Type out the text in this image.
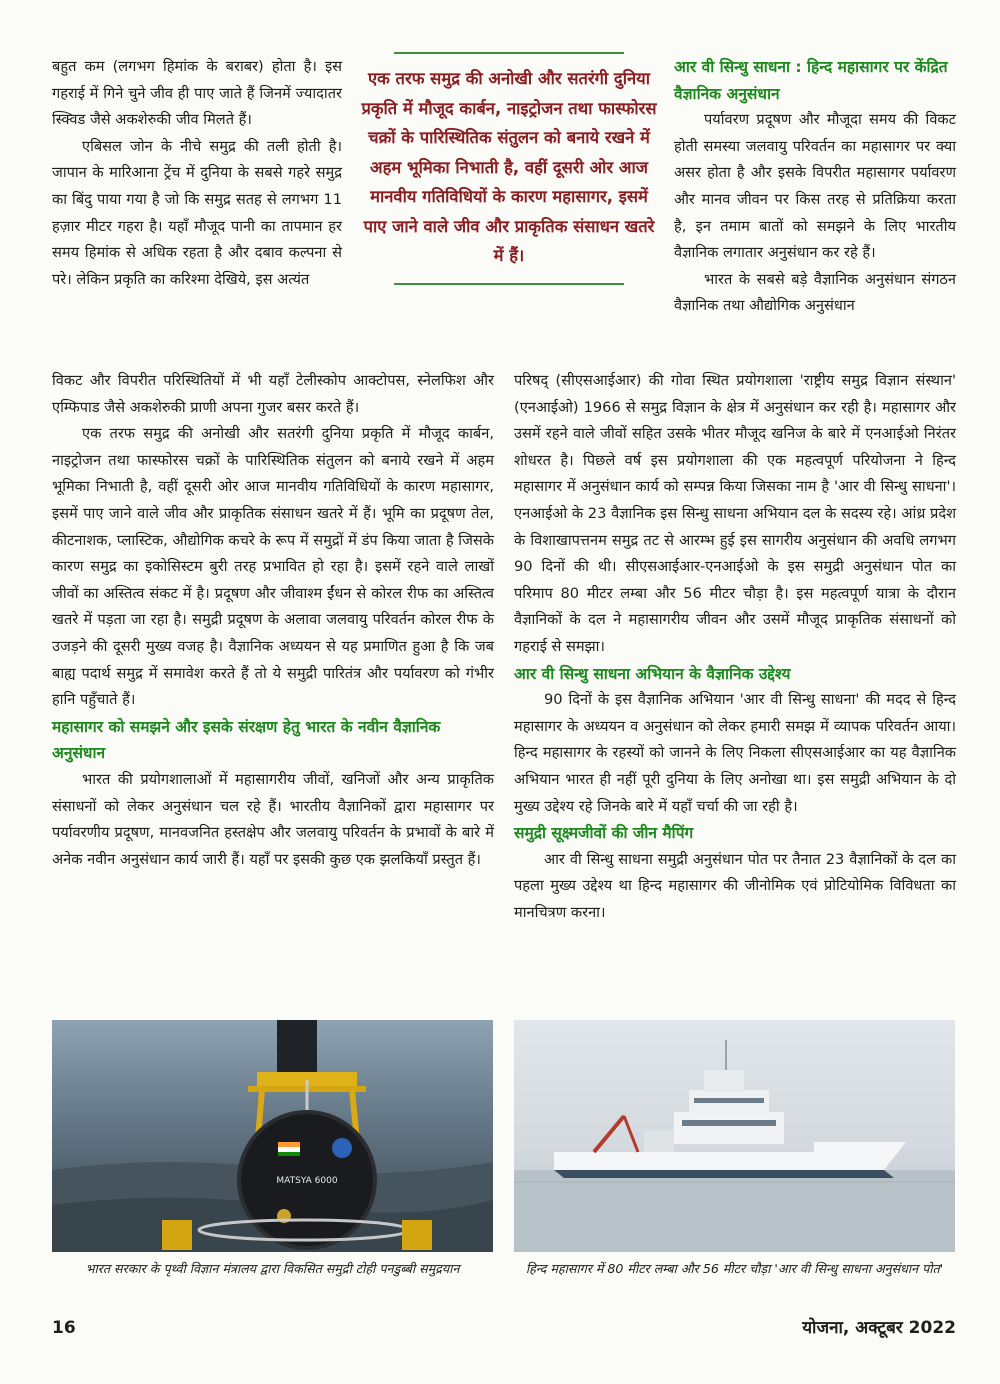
बहुत कम (लगभग हिमांक के बराबर) होता है। इस गहराई में गिने चुने जीव ही पाए जाते हैं जिनमें ज्यादातर स्क्विड जैसे अकशेरुकी जीव मिलते हैं।

एबिसल जोन के नीचे समुद्र की तली होती है। जापान के मारिआना ट्रेंच में दुनिया के सबसे गहरे समुद्र का बिंदु पाया गया है जो कि समुद्र सतह से लगभग 11 हज़ार मीटर गहरा है। यहाँ मौजूद पानी का तापमान हर समय हिमांक से अधिक रहता है और दबाव कल्पना से परे। लेकिन प्रकृति का करिश्मा देखिये, इस अत्यंत

एक तरफ समुद्र की अनोखी और सतरंगी दुनिया प्रकृति में मौजूद कार्बन, नाइट्रोजन तथा फास्फोरस चक्रों के पारिस्थितिक संतुलन को बनाये रखने में अहम भूमिका निभाती है, वहीं दूसरी ओर आज मानवीय गतिविधियों के कारण महासागर, इसमें पाए जाने वाले जीव और प्राकृतिक संसाधन खतरे में हैं।
आर वी सिन्धु साधना : हिन्द महासागर पर केंद्रित वैज्ञानिक अनुसंधान

पर्यावरण प्रदूषण और मौजूदा समय की विकट होती समस्या जलवायु परिवर्तन का महासागर पर क्या असर होता है और इसके विपरीत महासागर पर्यावरण और मानव जीवन पर किस तरह से प्रतिक्रिया करता है, इन तमाम बातों को समझने के लिए भारतीय वैज्ञानिक लगातार अनुसंधान कर रहे हैं।

भारत के सबसे बड़े वैज्ञानिक अनुसंधान संगठन वैज्ञानिक तथा औद्योगिक अनुसंधान

विकट और विपरीत परिस्थितियों में भी यहाँ टेलीस्कोप आक्टोपस, स्नेलफिश और एम्फिपाड जैसे अकशेरुकी प्राणी अपना गुजर बसर करते हैं।

एक तरफ समुद्र की अनोखी और सतरंगी दुनिया प्रकृति में मौजूद कार्बन, नाइट्रोजन तथा फास्फोरस चक्रों के पारिस्थितिक संतुलन को बनाये रखने में अहम भूमिका निभाती है, वहीं दूसरी ओर आज मानवीय गतिविधियों के कारण महासागर, इसमें पाए जाने वाले जीव और प्राकृतिक संसाधन खतरे में हैं। भूमि का प्रदूषण तेल, कीटनाशक, प्लास्टिक, औद्योगिक कचरे के रूप में समुद्रों में डंप किया जाता है जिसके कारण समुद्र का इकोसिस्टम बुरी तरह प्रभावित हो रहा है। इसमें रहने वाले लाखों जीवों का अस्तित्व संकट में है। प्रदूषण और जीवाश्म ईंधन से कोरल रीफ का अस्तित्व खतरे में पड़ता जा रहा है। समुद्री प्रदूषण के अलावा जलवायु परिवर्तन कोरल रीफ के उजड़ने की दूसरी मुख्य वजह है। वैज्ञानिक अध्ययन से यह प्रमाणित हुआ है कि जब बाह्य पदार्थ समुद्र में समावेश करते हैं तो ये समुद्री पारितंत्र और पर्यावरण को गंभीर हानि पहुँचाते हैं।

महासागर को समझने और इसके संरक्षण हेतु भारत के नवीन वैज्ञानिक अनुसंधान

भारत की प्रयोगशालाओं में महासागरीय जीवों, खनिजों और अन्य प्राकृतिक संसाधनों को लेकर अनुसंधान चल रहे हैं। भारतीय वैज्ञानिकों द्वारा महासागर पर पर्यावरणीय प्रदूषण, मानवजनित हस्तक्षेप और जलवायु परिवर्तन के प्रभावों के बारे में अनेक नवीन अनुसंधान कार्य जारी हैं। यहाँ पर इसकी कुछ एक झलकियाँ प्रस्तुत हैं।

परिषद् (सीएसआईआर) की गोवा स्थित प्रयोगशाला 'राष्ट्रीय समुद्र विज्ञान संस्थान' (एनआईओ) 1966 से समुद्र विज्ञान के क्षेत्र में अनुसंधान कर रही है। महासागर और उसमें रहने वाले जीवों सहित उसके भीतर मौजूद खनिज के बारे में एनआईओ निरंतर शोधरत है। पिछले वर्ष इस प्रयोगशाला की एक महत्वपूर्ण परियोजना ने हिन्द महासागर में अनुसंधान कार्य को सम्पन्न किया जिसका नाम है 'आर वी सिन्धु साधना'। एनआईओ के 23 वैज्ञानिक इस सिन्धु साधना अभियान दल के सदस्य रहे। आंध्र प्रदेश के विशाखापत्तनम समुद्र तट से आरम्भ हुई इस सागरीय अनुसंधान की अवधि लगभग 90 दिनों की थी। सीएसआईआर-एनआईओ के इस समुद्री अनुसंधान पोत का परिमाप 80 मीटर लम्बा और 56 मीटर चौड़ा है। इस महत्वपूर्ण यात्रा के दौरान वैज्ञानिकों के दल ने महासागरीय जीवन और उसमें मौजूद प्राकृतिक संसाधनों को गहराई से समझा।

आर वी सिन्धु साधना अभियान के वैज्ञानिक उद्देश्य

90 दिनों के इस वैज्ञानिक अभियान 'आर वी सिन्धु साधना' की मदद से हिन्द महासागर के अध्ययन व अनुसंधान को लेकर हमारी समझ में व्यापक परिवर्तन आया। हिन्द महासागर के रहस्यों को जानने के लिए निकला सीएसआईआर का यह वैज्ञानिक अभियान भारत ही नहीं पूरी दुनिया के लिए अनोखा था। इस समुद्री अभियान के दो मुख्य उद्देश्य रहे जिनके बारे में यहाँ चर्चा की जा रही है।

समुद्री सूक्ष्मजीवों की जीन मैपिंग

आर वी सिन्धु साधना समुद्री अनुसंधान पोत पर तैनात 23 वैज्ञानिकों के दल का पहला मुख्य उद्देश्य था हिन्द महासागर की जीनोमिक एवं प्रोटियोमिक विविधता का मानचित्रण करना।

MATSYA 6000
भारत सरकार के पृथ्वी विज्ञान मंत्रालय द्वारा विकसित समुद्री टोही पनडुब्बी समुद्रयान	हिन्द महासागर में 80 मीटर लम्बा और 56 मीटर चौड़ा 'आर वी सिन्धु साधना अनुसंधान पोत'
16	योजना, अक्टूबर 2022
